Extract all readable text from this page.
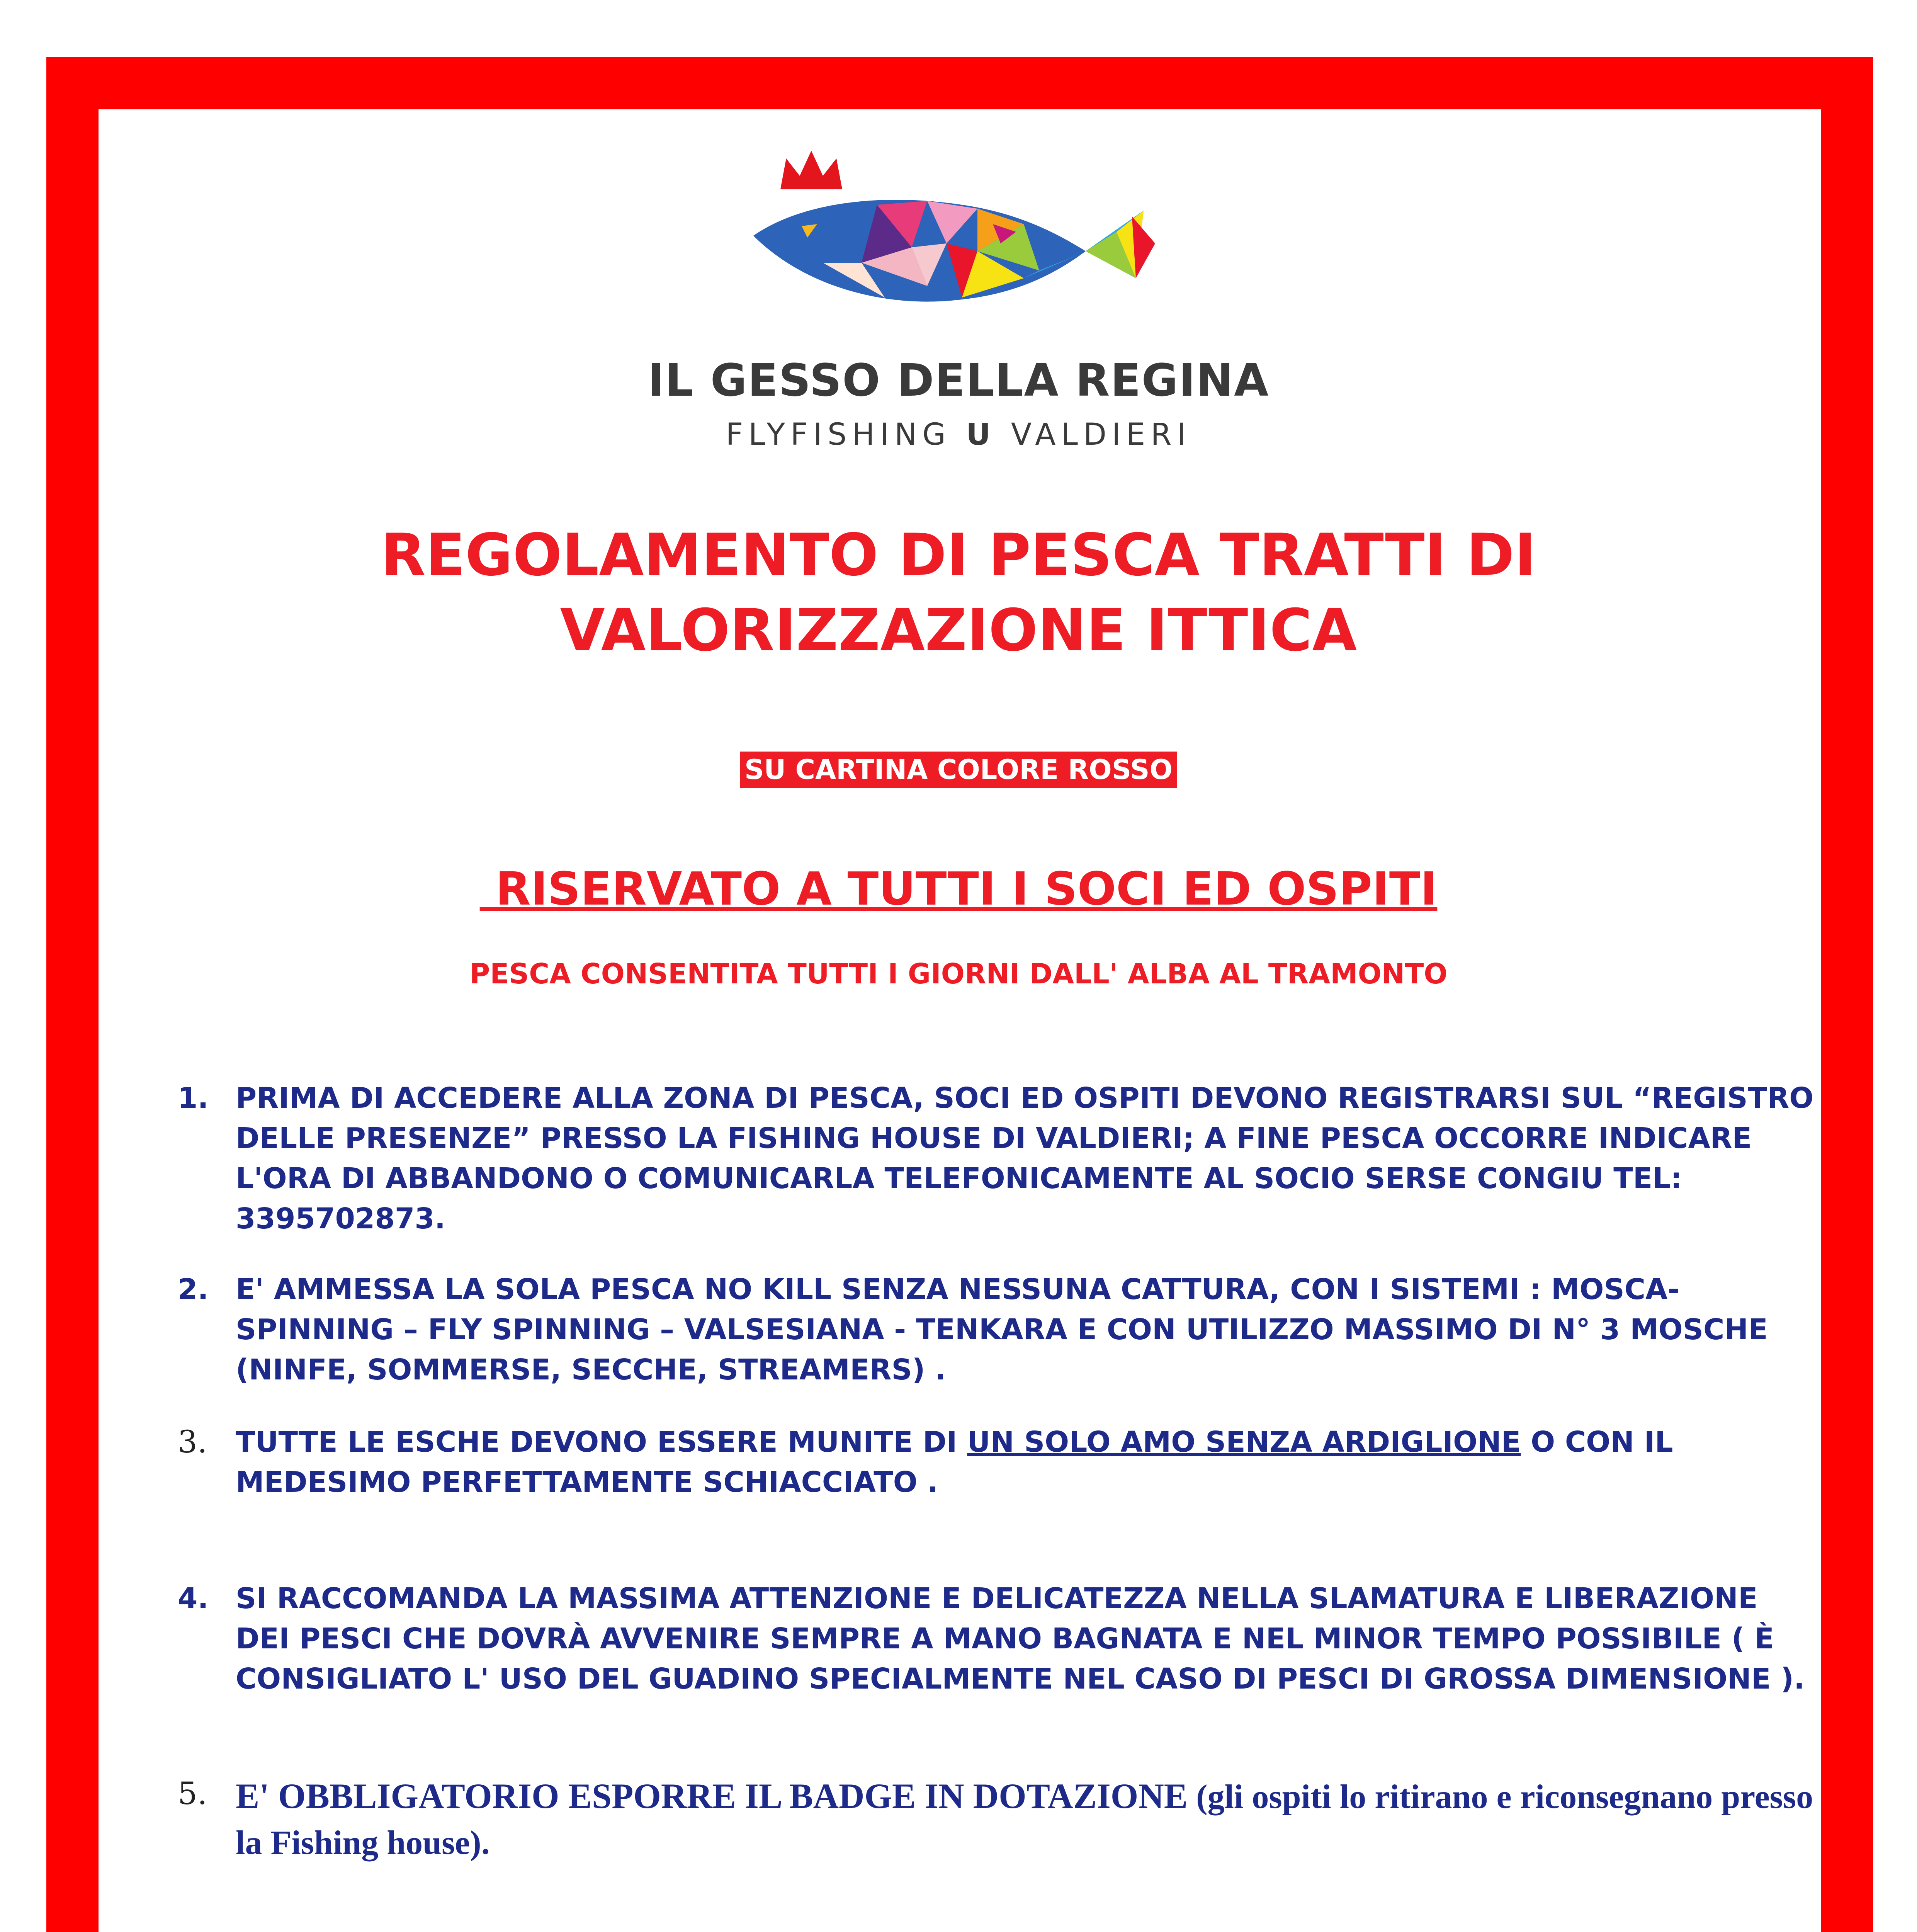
IL GESSO DELLA REGINA
FLYFISHING 𝗨 VALDIERI
REGOLAMENTO DI PESCA TRATTI DI
VALORIZZAZIONE ITTICA
SU CARTINA COLORE ROSSO
RISERVATO A TUTTI I SOCI ED OSPITI
PESCA CONSENTITA TUTTI I GIORNI DALL' ALBA AL TRAMONTO
1. PRIMA DI ACCEDERE ALLA ZONA DI PESCA, SOCI ED OSPITI DEVONO REGISTRARSI SUL “REGISTRO DELLE PRESENZE” PRESSO LA FISHING HOUSE DI VALDIERI; A FINE PESCA OCCORRE INDICARE L'ORA DI ABBANDONO O COMUNICARLA TELEFONICAMENTE AL SOCIO SERSE CONGIU TEL: 3395702873.
2. E' AMMESSA LA SOLA PESCA NO KILL SENZA NESSUNA CATTURA, CON I SISTEMI : MOSCA-SPINNING – FLY SPINNING – VALSESIANA - TENKARA E CON UTILIZZO MASSIMO DI N° 3 MOSCHE (NINFE, SOMMERSE, SECCHE, STREAMERS) .
3. TUTTE LE ESCHE DEVONO ESSERE MUNITE DI UN SOLO AMO SENZA ARDIGLIONE O CON IL MEDESIMO PERFETTAMENTE SCHIACCIATO .
4. SI RACCOMANDA LA MASSIMA ATTENZIONE E DELICATEZZA NELLA SLAMATURA E LIBERAZIONE DEI PESCI CHE DOVRÀ AVVENIRE SEMPRE A MANO BAGNATA E NEL MINOR TEMPO POSSIBILE ( È CONSIGLIATO L' USO DEL GUADINO SPECIALMENTE NEL CASO DI PESCI DI GROSSA DIMENSIONE ).
5. E' OBBLIGATORIO ESPORRE IL BADGE IN DOTAZIONE (gli ospiti lo ritirano e riconsegnano presso la Fishing house).
